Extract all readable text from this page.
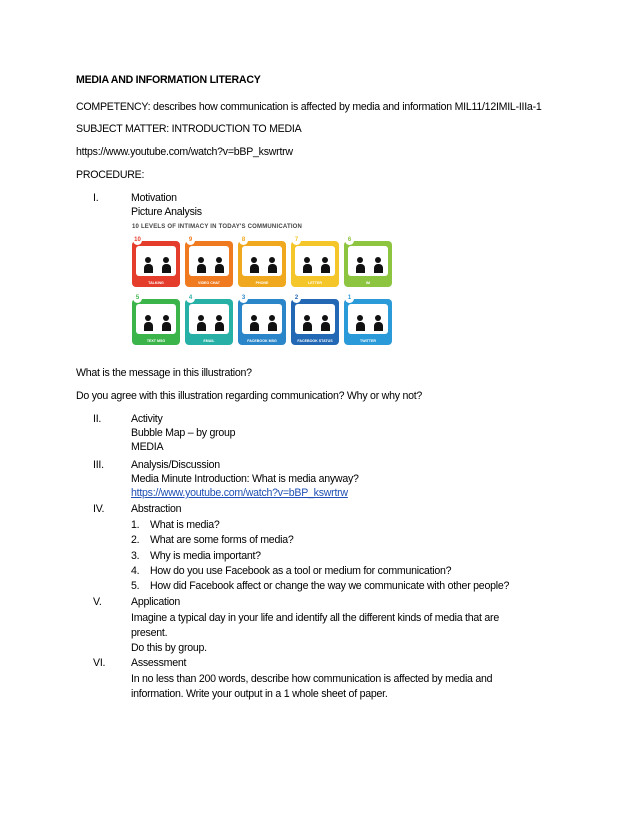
MEDIA AND INFORMATION LITERACY
COMPETENCY: describes how communication is affected by media and information MIL11/12IMIL-IIIa-1
SUBJECT MATTER: INTRODUCTION TO MEDIA
https://www.youtube.com/watch?v=bBP_kswrtrw
PROCEDURE:
I.	Motivation
Picture Analysis
10 LEVELS OF INTIMACY IN TODAY'S COMMUNICATION
10
TALKING
9
VIDEO CHAT
8
PHONE
7
LETTER
6
IM
5
TEXT MSG
4
EMAIL
3
FACEBOOK MSG
2
FACEBOOK STATUS
1
TWITTER
What is the message in this illustration?
Do you agree with this illustration regarding communication? Why or why not?
II.	Activity
Bubble Map – by group
MEDIA
III.	Analysis/Discussion
Media Minute Introduction: What is media anyway?
https://www.youtube.com/watch?v=bBP_kswrtrw
IV.	Abstraction
1. What is media?
2. What are some forms of media?
3. Why is media important?
4. How do you use Facebook as a tool or medium for communication?
5. How did Facebook affect or change the way we communicate with other people?
V.	Application
Imagine a typical day in your life and identify all the different kinds of media that are
present.
Do this by group.
VI. Assessment
In no less than 200 words, describe how communication is affected by media and
information. Write your output in a 1 whole sheet of paper.
